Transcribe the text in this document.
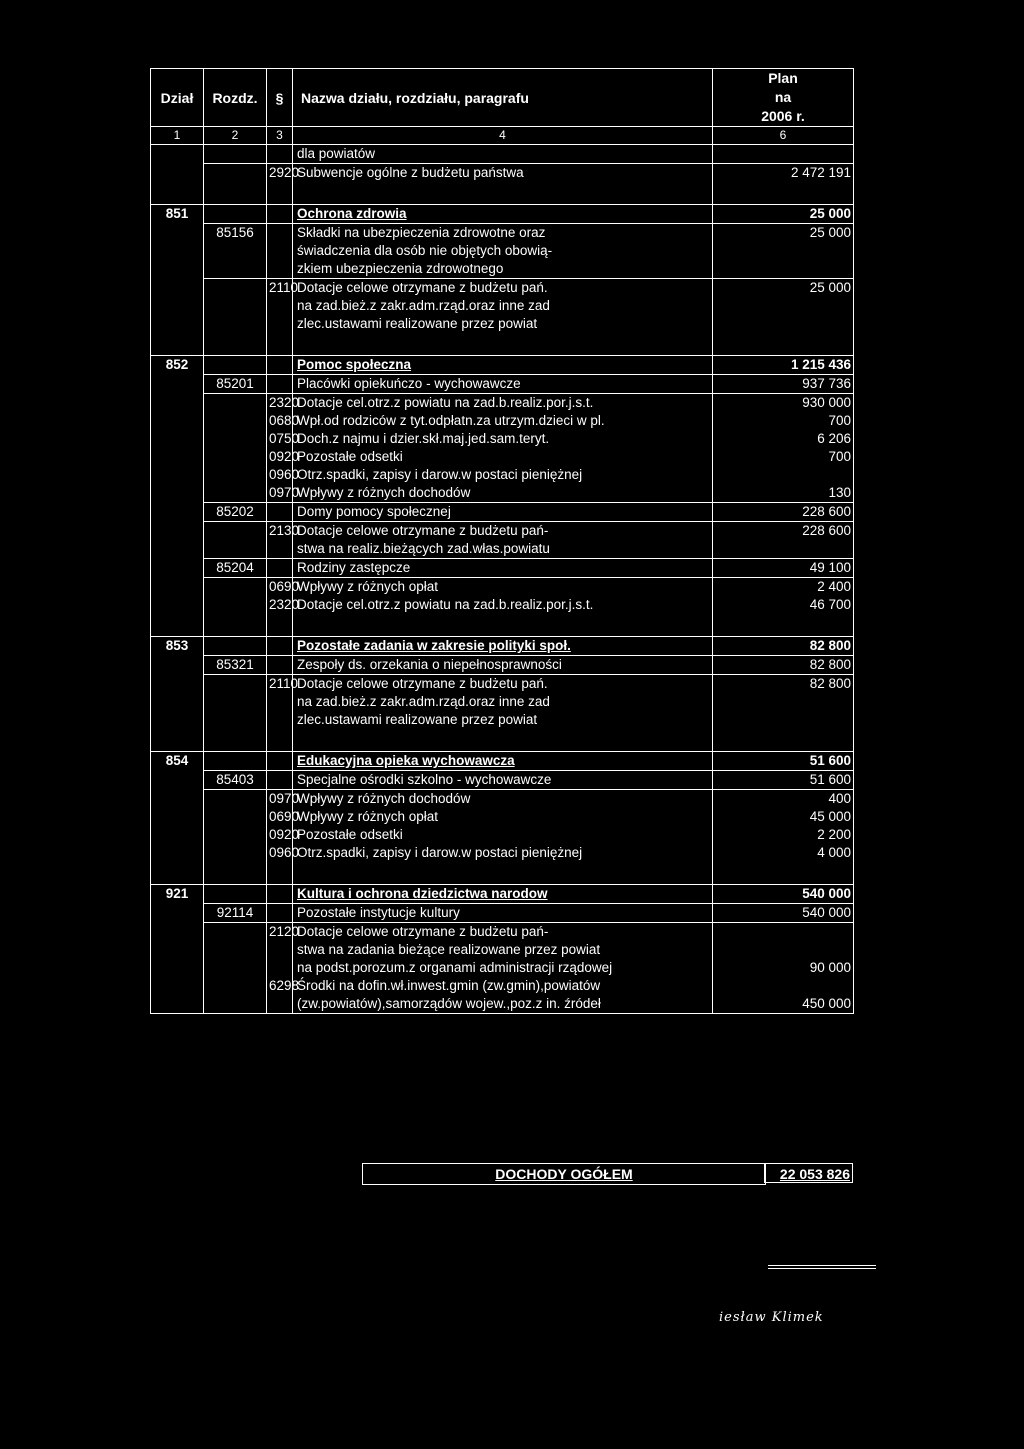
Dział	Rozdz.	§	Nazwa działu, rozdziału, paragrafu	Plan
na
2006 r.

1	2	3	4	6
			dla powiatów	
		2920	Subwencje ogólne z budżetu państwa	2 472 191

851			Ochrona zdrowia	25 000
	85156		Składki na ubezpieczenia zdrowotne oraz	25 000
			świadczenia dla osób nie objętych obowią-	
			zkiem ubezpieczenia zdrowotnego	
		2110	Dotacje celowe otrzymane z budżetu pań.	25 000
			na zad.bież.z zakr.adm.rząd.oraz inne zad	
			zlec.ustawami realizowane przez powiat	

852			Pomoc społeczna	1 215 436
	85201		Placówki opiekuńczo - wychowawcze	937 736
		2320	Dotacje cel.otrz.z powiatu na zad.b.realiz.por.j.s.t.	930 000
		0680	Wpł.od rodziców z tyt.odpłatn.za utrzym.dzieci w pl.	700
		0750	Doch.z najmu i dzier.skł.maj.jed.sam.teryt.	6 206
		0920	Pozostałe odsetki	700
		0960	Otrz.spadki, zapisy i darow.w postaci pieniężnej	
		0970	Wpływy z różnych dochodów	130
	85202		Domy pomocy społecznej	228 600
		2130	Dotacje celowe otrzymane z budżetu pań-	228 600
			stwa na realiz.bieżących zad.włas.powiatu	
	85204		Rodziny zastępcze	49 100
		0690	Wpływy z różnych opłat	2 400
		2320	Dotacje cel.otrz.z powiatu na zad.b.realiz.por.j.s.t.	46 700

853			Pozostałe zadania w zakresie polityki społ.	82 800
	85321		Zespoły ds. orzekania o niepełnosprawności	82 800
		2110	Dotacje celowe otrzymane z budżetu pań.	82 800
			na zad.bież.z zakr.adm.rząd.oraz inne zad	
			zlec.ustawami realizowane przez powiat	

854			Edukacyjna opieka wychowawcza	51 600
	85403		Specjalne ośrodki szkolno - wychowawcze	51 600
		0970	Wpływy z różnych dochodów	400
		0690	Wpływy z różnych opłat	45 000
		0920	Pozostałe odsetki	2 200
		0960	Otrz.spadki, zapisy i darow.w postaci pieniężnej	4 000

921			Kultura i ochrona dziedzictwa narodow	540 000
	92114		Pozostałe instytucje kultury	540 000
		2120	Dotacje celowe otrzymane z budżetu pań-	
			stwa na zadania bieżące realizowane przez powiat	
			na podst.porozum.z organami administracji rządowej	90 000
		6298	Środki na dofin.wł.inwest.gmin (zw.gmin),powiatów	
			(zw.powiatów),samorządów wojew.,poz.z in. źródeł	450 000
DOCHODY OGÓŁEM	22 053 826
iesław Klimek
